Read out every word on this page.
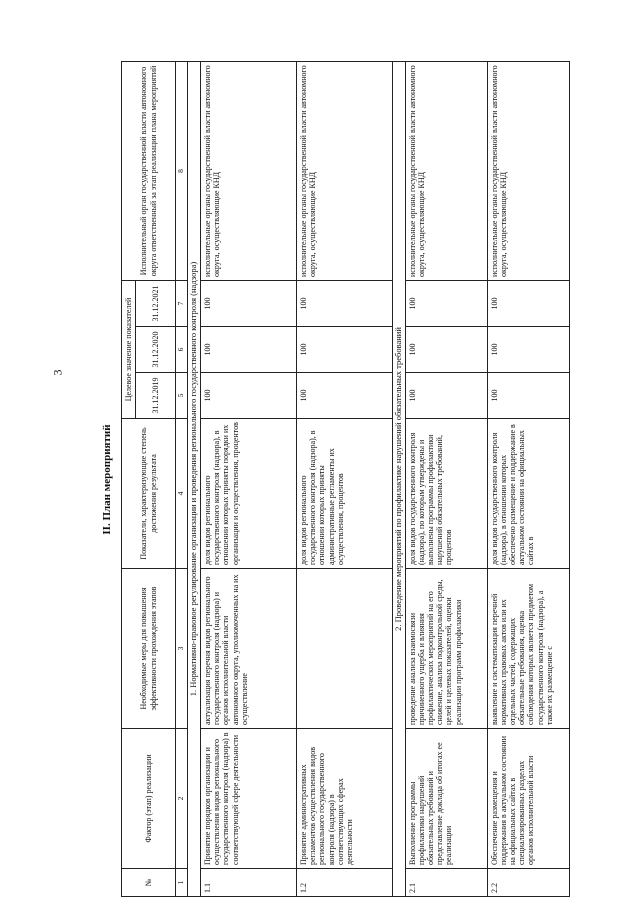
3
II. План мероприятий
№	Фактор (этап) реализации	Необходимые меры для повышения эффективности прохождения этапов	Показатели, характеризующие степень достижения результата	Целевое значение показателей			Исполнительный орган государственной власти автономного округа ответственный за этап реализации плана мероприятий
				31.12.2019	31.12.2020	31.12.2021	
1	2	3	4	5	6	7	8
1. Нормативно-правовое регулирование организации и проведения регионального государственного контроля (надзора)							
1.1	Принятие порядков организации и осуществления видов регионального государственного контроля (надзора) в соответствующей сфере деятельности	актуализация перечня видов регионального государственного контроля (надзора) и органов исполнительной власти автономного округа, уполномоченных на их осуществление	доля видов регионального государственного контроля (надзора), в отношении которых приняты порядки их организации и осуществления, процентов	100	100	100	исполнительные органы государственной власти автономного округа, осуществляющие КНД
1.2	Принятие административных регламентов осуществления видов регионального государственного контроля (надзора) в соответствующих сферах деятельности		доля видов регионального государственного контроля (надзора), в отношении которых приняты административные регламенты их осуществления, процентов	100	100	100	исполнительные органы государственной власти автономного округа, осуществляющие КНД
2. Проведение мероприятий по профилактике нарушений обязательных требований							
2.1	Выполнение программы профилактики нарушений обязательных требований и представление доклада об итогах ее реализации	проведение анализа взаимосвязи причиненного ущерба и влияния профилактических мероприятий на его снижение, анализа подконтрольной среды, целей и целевых показателей, оценки реализации программ профилактики	доля видов государственного контроля (надзора), по которым утверждены и выполнены программы профилактики нарушений обязательных требований, процентов	100	100	100	исполнительные органы государственной власти автономного округа, осуществляющие КНД
2.2	Обеспечение размещения и поддержания в актуальном состоянии на официальных сайтах в специализированных разделах органов исполнительной власти	выявление и систематизация перечней нормативных правовых актов или их отдельных частей, содержащих обязательные требования, оценка соблюдения которых является предметом государственного контроля (надзора), а также их размещение с	доля видов государственного контроля (надзора), в отношении которых обеспечено размещение и поддержание в актуальном состоянии на официальных сайтах в	100	100	100	исполнительные органы государственной власти автономного округа, осуществляющие КНД
